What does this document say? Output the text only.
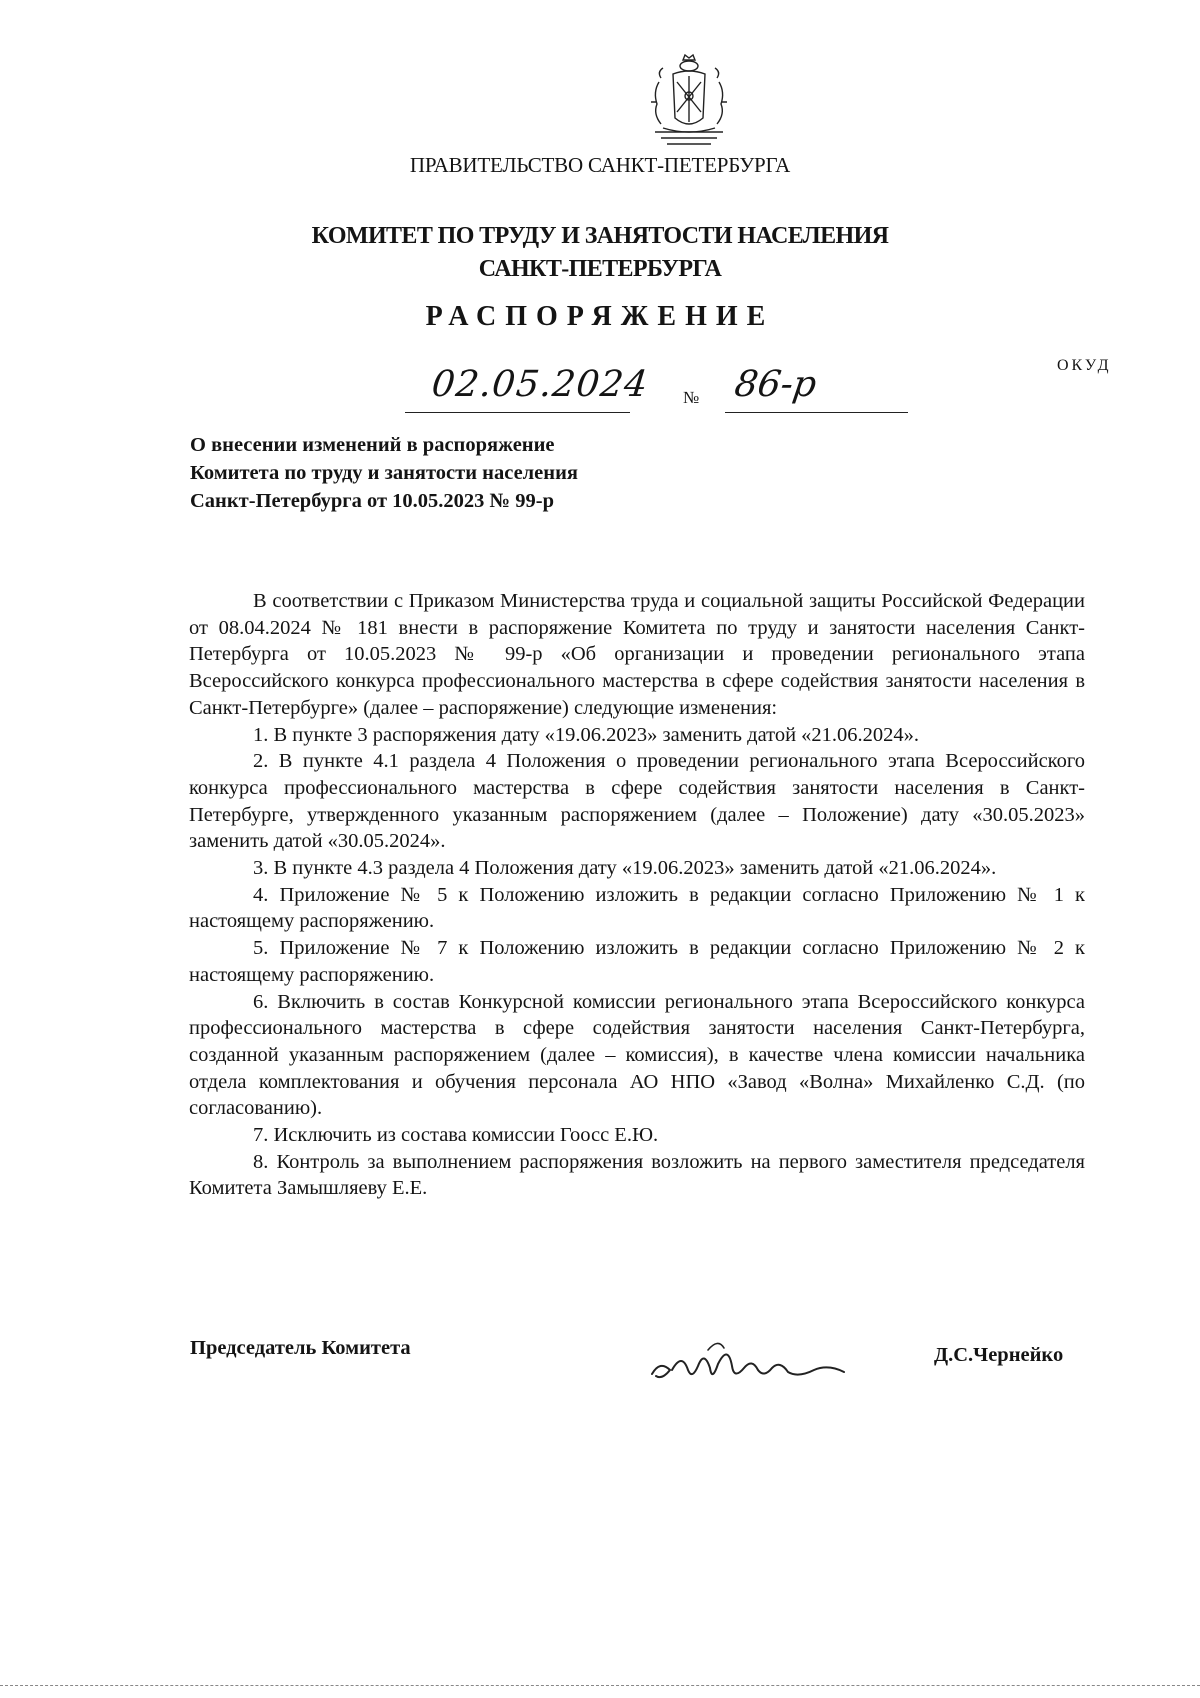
ПРАВИТЕЛЬСТВО САНКТ-ПЕТЕРБУРГА
КОМИТЕТ ПО ТРУДУ И ЗАНЯТОСТИ НАСЕЛЕНИЯ
САНКТ-ПЕТЕРБУРГА
РАСПОРЯЖЕНИЕ
ОКУД
02.05.2024 № 86-р
О внесении изменений в распоряжение
Комитета по труду и занятости населения
Санкт-Петербурга от 10.05.2023 № 99-р

В соответствии с Приказом Министерства труда и социальной защиты Российской Федерации от 08.04.2024 № 181 внести в распоряжение Комитета по труду и занятости населения Санкт-Петербурга от 10.05.2023 № 99-р «Об организации и проведении регионального этапа Всероссийского конкурса профессионального мастерства в сфере содействия занятости населения в Санкт-Петербурге» (далее – распоряжение) следующие изменения:

1. В пункте 3 распоряжения дату «19.06.2023» заменить датой «21.06.2024».

2. В пункте 4.1 раздела 4 Положения о проведении регионального этапа Всероссийского конкурса профессионального мастерства в сфере содействия занятости населения в Санкт-Петербурге, утвержденного указанным распоряжением (далее – Положение) дату «30.05.2023» заменить датой «30.05.2024».

3. В пункте 4.3 раздела 4 Положения дату «19.06.2023» заменить датой «21.06.2024».

4. Приложение № 5 к Положению изложить в редакции согласно Приложению № 1 к настоящему распоряжению.

5. Приложение № 7 к Положению изложить в редакции согласно Приложению № 2 к настоящему распоряжению.

6. Включить в состав Конкурсной комиссии регионального этапа Всероссийского конкурса профессионального мастерства в сфере содействия занятости населения Санкт-Петербурга, созданной указанным распоряжением (далее – комиссия), в качестве члена комиссии начальника отдела комплектования и обучения персонала АО НПО «Завод «Волна» Михайленко С.Д. (по согласованию).

7. Исключить из состава комиссии Гоосс Е.Ю.

8. Контроль за выполнением распоряжения возложить на первого заместителя председателя Комитета Замышляеву Е.Е.

Председатель Комитета	Д.С.Чернейко
